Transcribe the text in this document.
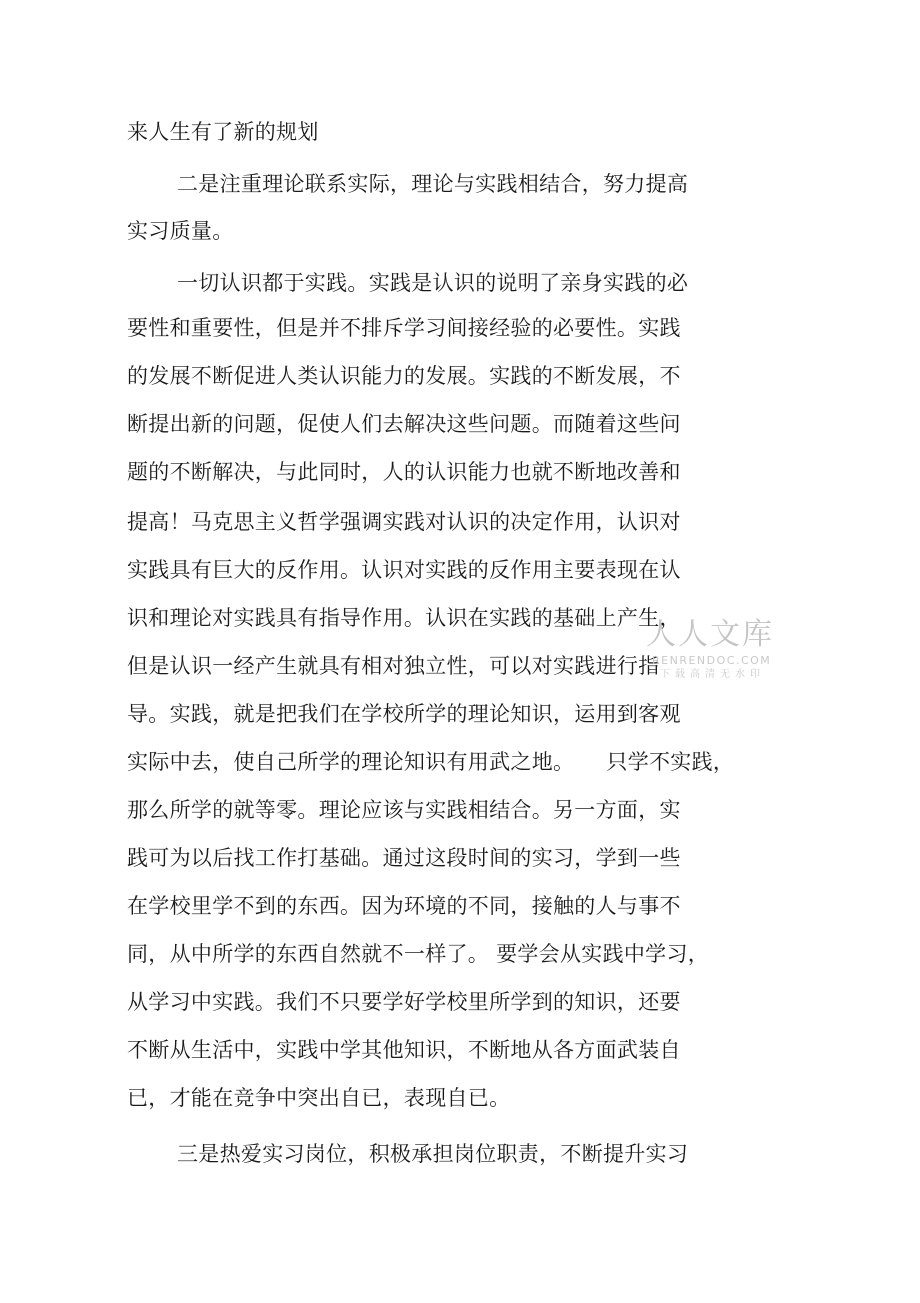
来人生有了新的规划
二是注重理论联系实际，理论与实践相结合，努力提高
实习质量。
一切认识都于实践。实践是认识的说明了亲身实践的必
要性和重要性，但是并不排斥学习间接经验的必要性。实践
的发展不断促进人类认识能力的发展。实践的不断发展，不
断提出新的问题，促使人们去解决这些问题。而随着这些问
题的不断解决，与此同时，人的认识能力也就不断地改善和
提高！马克思主义哲学强调实践对认识的决定作用，认识对
实践具有巨大的反作用。认识对实践的反作用主要表现在认
识和理论对实践具有指导作用。认识在实践的基础上产生，
但是认识一经产生就具有相对独立性，可以对实践进行指
导。实践，就是把我们在学校所学的理论知识，运用到客观
实际中去，使自己所学的理论知识有用武之地。　　只学不实践，
那么所学的就等零。理论应该与实践相结合。另一方面，实
践可为以后找工作打基础。通过这段时间的实习，学到一些
在学校里学不到的东西。因为环境的不同，接触的人与事不
同，从中所学的东西自然就不一样了。 要学会从实践中学习，
从学习中实践。我们不只要学好学校里所学到的知识，还要
不断从生活中，实践中学其他知识，不断地从各方面武装自
已，才能在竞争中突出自已，表现自已。
三是热爱实习岗位，积极承担岗位职责，不断提升实习
人人文库
RENRENDOC.COM
下载高清无水印
